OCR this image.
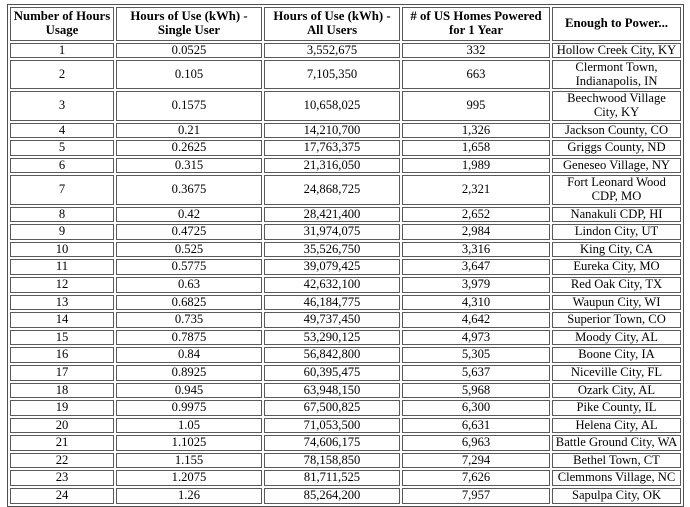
Number of Hours Usage	Hours of Use (kWh) - Single User	Hours of Use (kWh) - All Users	# of US Homes Powered for 1 Year	Enough to Power...
1	0.0525	3,552,675	332	Hollow Creek City, KY
2	0.105	7,105,350	663	Clermont Town, Indianapolis, IN
3	0.1575	10,658,025	995	Beechwood Village City, KY
4	0.21	14,210,700	1,326	Jackson County, CO
5	0.2625	17,763,375	1,658	Griggs County, ND
6	0.315	21,316,050	1,989	Geneseo Village, NY
7	0.3675	24,868,725	2,321	Fort Leonard Wood CDP, MO
8	0.42	28,421,400	2,652	Nanakuli CDP, HI
9	0.4725	31,974,075	2,984	Lindon City, UT
10	0.525	35,526,750	3,316	King City, CA
11	0.5775	39,079,425	3,647	Eureka City, MO
12	0.63	42,632,100	3,979	Red Oak City, TX
13	0.6825	46,184,775	4,310	Waupun City, WI
14	0.735	49,737,450	4,642	Superior Town, CO
15	0.7875	53,290,125	4,973	Moody City, AL
16	0.84	56,842,800	5,305	Boone City, IA
17	0.8925	60,395,475	5,637	Niceville City, FL
18	0.945	63,948,150	5,968	Ozark City, AL
19	0.9975	67,500,825	6,300	Pike County, IL
20	1.05	71,053,500	6,631	Helena City, AL
21	1.1025	74,606,175	6,963	Battle Ground City, WA
22	1.155	78,158,850	7,294	Bethel Town, CT
23	1.2075	81,711,525	7,626	Clemmons Village, NC
24	1.26	85,264,200	7,957	Sapulpa City, OK
